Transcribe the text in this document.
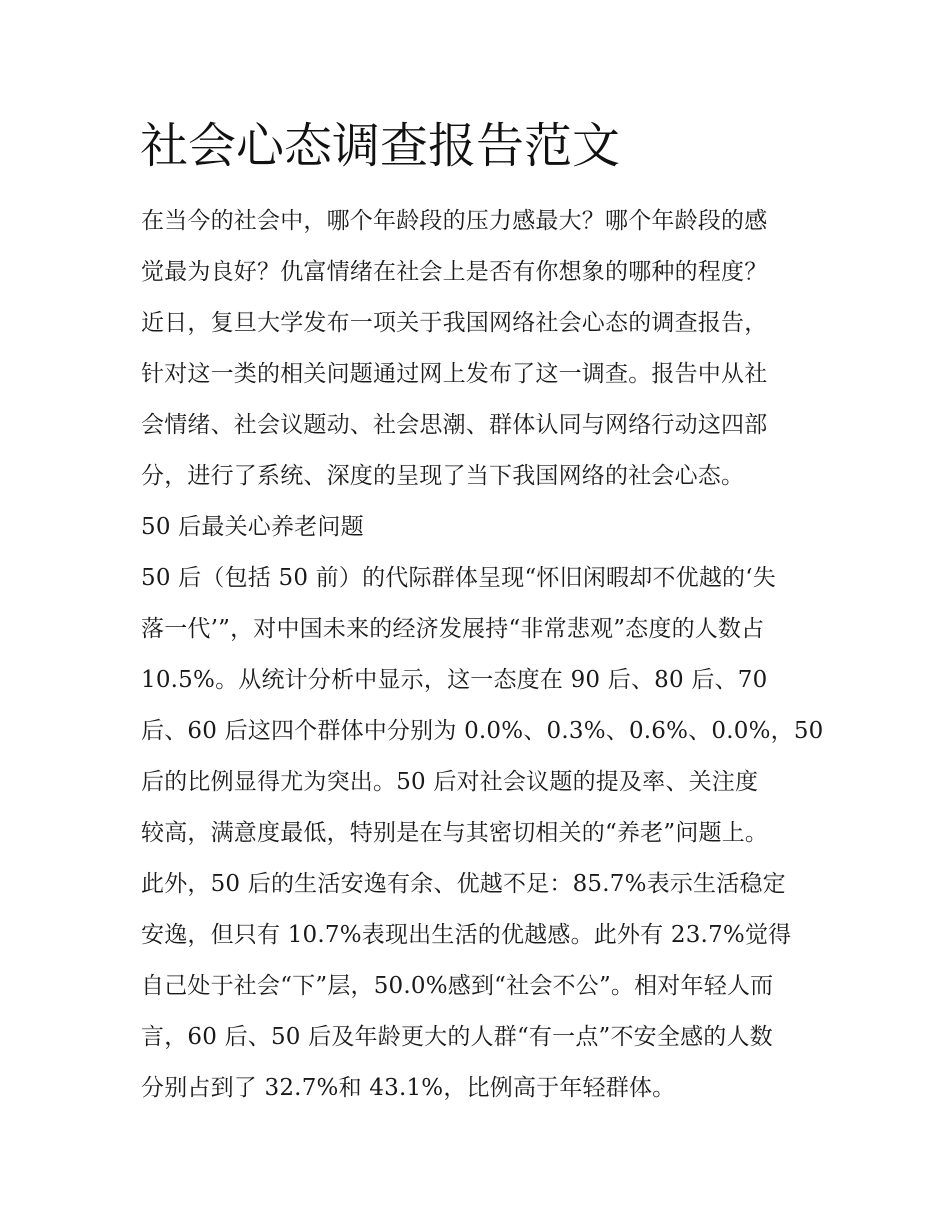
社会心态调查报告范文

在当今的社会中，哪个年龄段的压力感最大？哪个年龄段的感

觉最为良好？仇富情绪在社会上是否有你想象的哪种的程度？

近日，复旦大学发布一项关于我国网络社会心态的调查报告，

针对这一类的相关问题通过网上发布了这一调查。报告中从社

会情绪、社会议题动、社会思潮、群体认同与网络行动这四部

分，进行了系统、深度的呈现了当下我国网络的社会心态。

50 后最关心养老问题

50 后（包括 50 前）的代际群体呈现“怀旧闲暇却不优越的‘失

落一代’”，对中国未来的经济发展持“非常悲观”态度的人数占

10.5%。从统计分析中显示，这一态度在 90 后、80 后、70

后、60 后这四个群体中分别为 0.0%、0.3%、0.6%、0.0%，50

后的比例显得尤为突出。50 后对社会议题的提及率、关注度

较高，满意度最低，特别是在与其密切相关的“养老”问题上。

此外，50 后的生活安逸有余、优越不足：85.7%表示生活稳定

安逸，但只有 10.7%表现出生活的优越感。此外有 23.7%觉得

自己处于社会“下”层，50.0%感到“社会不公”。相对年轻人而

言，60 后、50 后及年龄更大的人群“有一点”不安全感的人数

分别占到了 32.7%和 43.1%，比例高于年轻群体。
